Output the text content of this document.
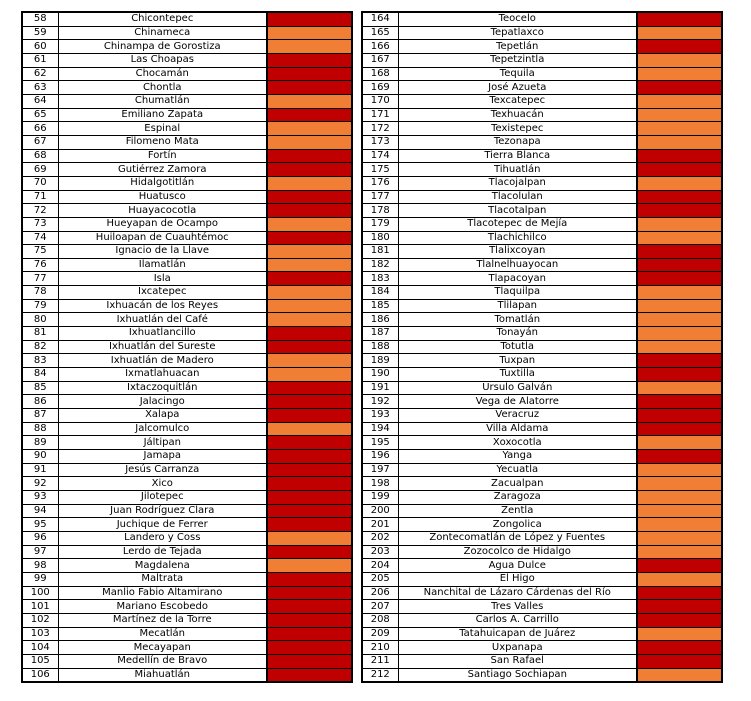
58	Chicontepec	
59	Chinameca	
60	Chinampa de Gorostiza	
61	Las Choapas	
62	Chocamán	
63	Chontla	
64	Chumatlán	
65	Emiliano Zapata	
66	Espinal	
67	Filomeno Mata	
68	Fortín	
69	Gutiérrez Zamora	
70	Hidalgotitlán	
71	Huatusco	
72	Huayacocotla	
73	Hueyapan de Ocampo	
74	Huiloapan de Cuauhtémoc	
75	Ignacio de la Llave	
76	Ilamatlán	
77	Isla	
78	Ixcatepec	
79	Ixhuacán de los Reyes	
80	Ixhuatlán del Café	
81	Ixhuatlancillo	
82	Ixhuatlán del Sureste	
83	Ixhuatlán de Madero	
84	Ixmatlahuacan	
85	Ixtaczoquitlán	
86	Jalacingo	
87	Xalapa	
88	Jalcomulco	
89	Jáltipan	
90	Jamapa	
91	Jesús Carranza	
92	Xico	
93	Jilotepec	
94	Juan Rodríguez Clara	
95	Juchique de Ferrer	
96	Landero y Coss	
97	Lerdo de Tejada	
98	Magdalena	
99	Maltrata	
100	Manlio Fabio Altamirano	
101	Mariano Escobedo	
102	Martínez de la Torre	
103	Mecatlán	
104	Mecayapan	
105	Medellín de Bravo	
106	Miahuatlán	
164	Teocelo	
165	Tepatlaxco	
166	Tepetlán	
167	Tepetzintla	
168	Tequila	
169	José Azueta	
170	Texcatepec	
171	Texhuacán	
172	Texistepec	
173	Tezonapa	
174	Tierra Blanca	
175	Tihuatlán	
176	Tlacojalpan	
177	Tlacolulan	
178	Tlacotalpan	
179	Tlacotepec de Mejía	
180	Tlachichilco	
181	Tlalixcoyan	
182	Tlalnelhuayocan	
183	Tlapacoyan	
184	Tlaquilpa	
185	Tlilapan	
186	Tomatlán	
187	Tonayán	
188	Totutla	
189	Tuxpan	
190	Tuxtilla	
191	Ursulo Galván	
192	Vega de Alatorre	
193	Veracruz	
194	Villa Aldama	
195	Xoxocotla	
196	Yanga	
197	Yecuatla	
198	Zacualpan	
199	Zaragoza	
200	Zentla	
201	Zongolica	
202	Zontecomatlán de López y Fuentes	
203	Zozocolco de Hidalgo	
204	Agua Dulce	
205	El Higo	
206	Nanchital de Lázaro Cárdenas del Río	
207	Tres Valles	
208	Carlos A. Carrillo	
209	Tatahuicapan de Juárez	
210	Uxpanapa	
211	San Rafael	
212	Santiago Sochiapan	
